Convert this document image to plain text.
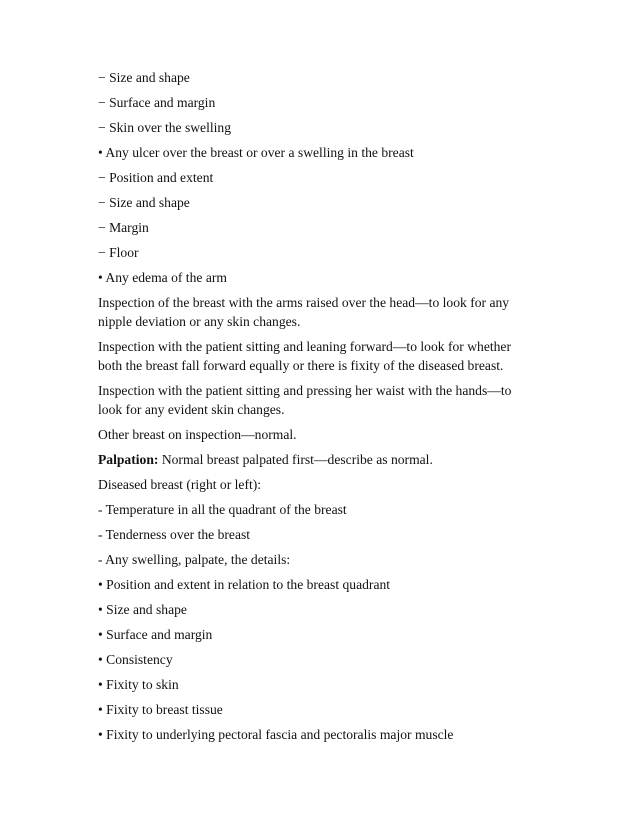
− Size and shape
− Surface and margin
− Skin over the swelling
• Any ulcer over the breast or over a swelling in the breast
− Position and extent
− Size and shape
− Margin
− Floor
• Any edema of the arm
Inspection of the breast with the arms raised over the head—to look for any
nipple deviation or any skin changes.
Inspection with the patient sitting and leaning forward—to look for whether
both the breast fall forward equally or there is fixity of the diseased breast.
Inspection with the patient sitting and pressing her waist with the hands—to
look for any evident skin changes.
Other breast on inspection—normal.
Palpation: Normal breast palpated first—describe as normal.
Diseased breast (right or left):
- Temperature in all the quadrant of the breast
- Tenderness over the breast
- Any swelling, palpate, the details:
• Position and extent in relation to the breast quadrant
• Size and shape
• Surface and margin
• Consistency
• Fixity to skin
• Fixity to breast tissue
• Fixity to underlying pectoral fascia and pectoralis major muscle
